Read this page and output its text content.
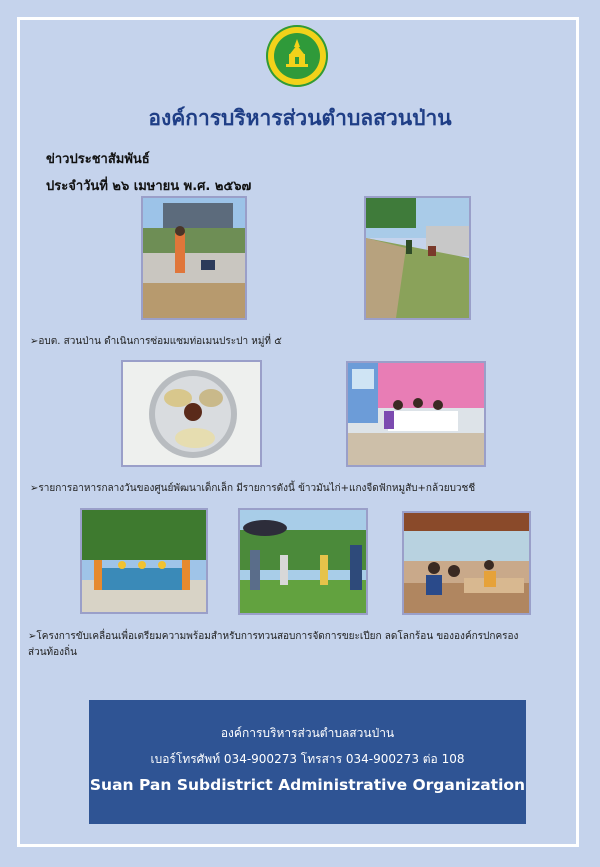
องค์การบริหารส่วนตำบลสวนป่าน
ข่าวประชาสัมพันธ์
ประจำวันที่ ๒๖ เมษายน พ.ศ. ๒๕๖๗
➢อบต. สวนป่าน ดำเนินการซ่อมแซมท่อเมนประปา หมู่ที่ ๕
➢รายการอาหารกลางวันของศูนย์พัฒนาเด็กเล็ก มีรายการดังนี้ ข้าวมันไก่+แกงจืดฟักหมูสับ+กล้วยบวชชี
➢โครงการขับเคลื่อนเพื่อเตรียมความพร้อมสำหรับการทวนสอบการจัดการขยะเปียก ลดโลกร้อน ขององค์กรปกครอง
ส่วนท้องถิ่น
องค์การบริหารส่วนตำบลสวนป่าน
เบอร์โทรศัพท์ 034-900273 โทรสาร 034-900273 ต่อ 108
Suan Pan Subdistrict Administrative Organization
